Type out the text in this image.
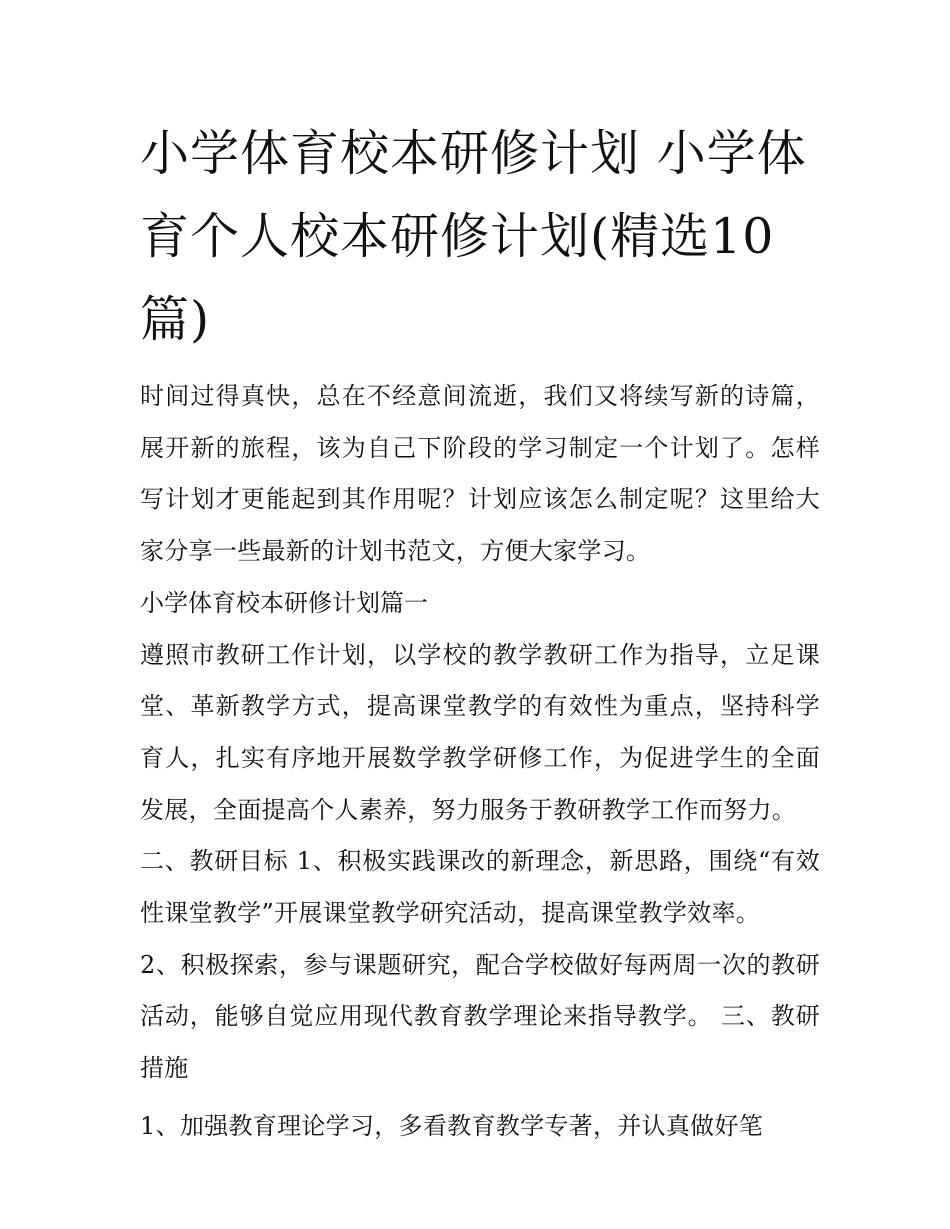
小学体育校本研修计划 小学体育个人校本研修计划(精选10篇)

时间过得真快，总在不经意间流逝，我们又将续写新的诗篇，展开新的旅程，该为自己下阶段的学习制定一个计划了。怎样写计划才更能起到其作用呢？计划应该怎么制定呢？这里给大家分享一些最新的计划书范文，方便大家学习。

小学体育校本研修计划篇一

遵照市教研工作计划，以学校的教学教研工作为指导，立足课堂、革新教学方式，提高课堂教学的有效性为重点，坚持科学育人，扎实有序地开展数学教学研修工作，为促进学生的全面发展，全面提高个人素养，努力服务于教研教学工作而努力。

二、教研目标 1、积极实践课改的新理念，新思路，围绕“有效性课堂教学”开展课堂教学研究活动，提高课堂教学效率。

2、积极探索，参与课题研究，配合学校做好每两周一次的教研活动，能够自觉应用现代教育教学理论来指导教学。 三、教研措施

1、加强教育理论学习，多看教育教学专著，并认真做好笔
